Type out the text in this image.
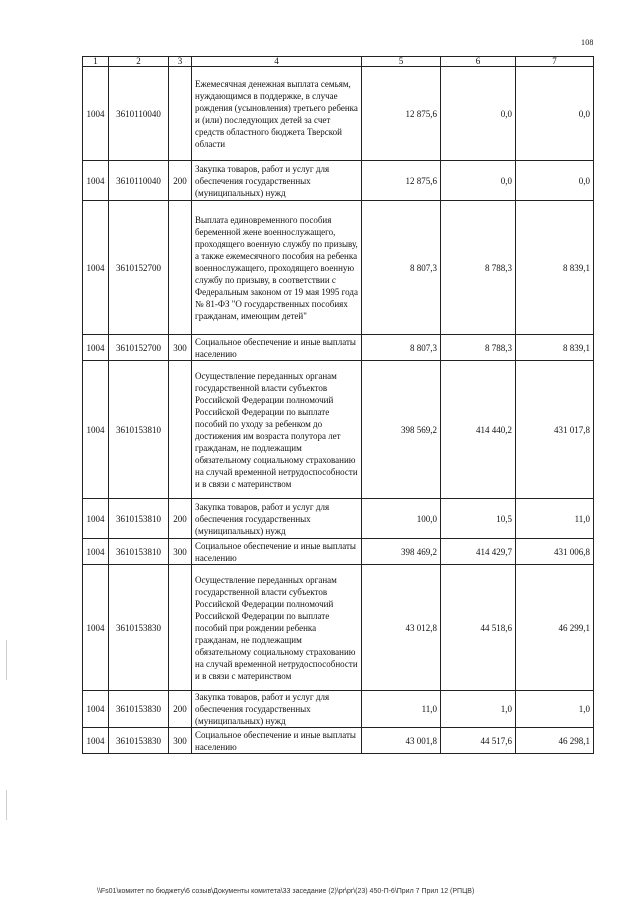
108
1	2	3	4	5	6	7
1004	3610110040		Ежемесячная денежная выплата семьям, нуждающимся в поддержке, в случае рождения (усыновления) третьего ребенка и (или) последующих детей за счет средств областного бюджета Тверской области	12 875,6	0,0	0,0
1004	3610110040	200	Закупка товаров, работ и услуг для обеспечения государственных (муниципальных) нужд	12 875,6	0,0	0,0
1004	3610152700		Выплата единовременного пособия беременной жене военнослужащего, проходящего военную службу по призыву, а также ежемесячного пособия на ребенка военнослужащего, проходящего военную службу по призыву, в соответствии с Федеральным законом от 19 мая 1995 года № 81-ФЗ "О государственных пособиях гражданам, имеющим детей"	8 807,3	8 788,3	8 839,1
1004	3610152700	300	Социальное обеспечение и иные выплаты населению	8 807,3	8 788,3	8 839,1
1004	3610153810		Осуществление переданных органам государственной власти субъектов Российской Федерации полномочий Российской Федерации по выплате пособий по уходу за ребенком до достижения им возраста полутора лет гражданам, не подлежащим обязательному социальному страхованию на случай временной нетрудоспособности и в связи с материнством	398 569,2	414 440,2	431 017,8
1004	3610153810	200	Закупка товаров, работ и услуг для обеспечения государственных (муниципальных) нужд	100,0	10,5	11,0
1004	3610153810	300	Социальное обеспечение и иные выплаты населению	398 469,2	414 429,7	431 006,8
1004	3610153830		Осуществление переданных органам государственной власти субъектов Российской Федерации полномочий Российской Федерации по выплате пособий при рождении ребенка гражданам, не подлежащим обязательному социальному страхованию на случай временной нетрудоспособности и в связи с материнством	43 012,8	44 518,6	46 299,1
1004	3610153830	200	Закупка товаров, работ и услуг для обеспечения государственных (муниципальных) нужд	11,0	1,0	1,0
1004	3610153830	300	Социальное обеспечение и иные выплаты населению	43 001,8	44 517,6	46 298,1
\\Fs01\комитет по бюджету\6 созыв\Документы комитета\33 заседание (2)\pr\pr\(23) 450-П-6\Прил 7 Прил 12 (РПЦВ)
